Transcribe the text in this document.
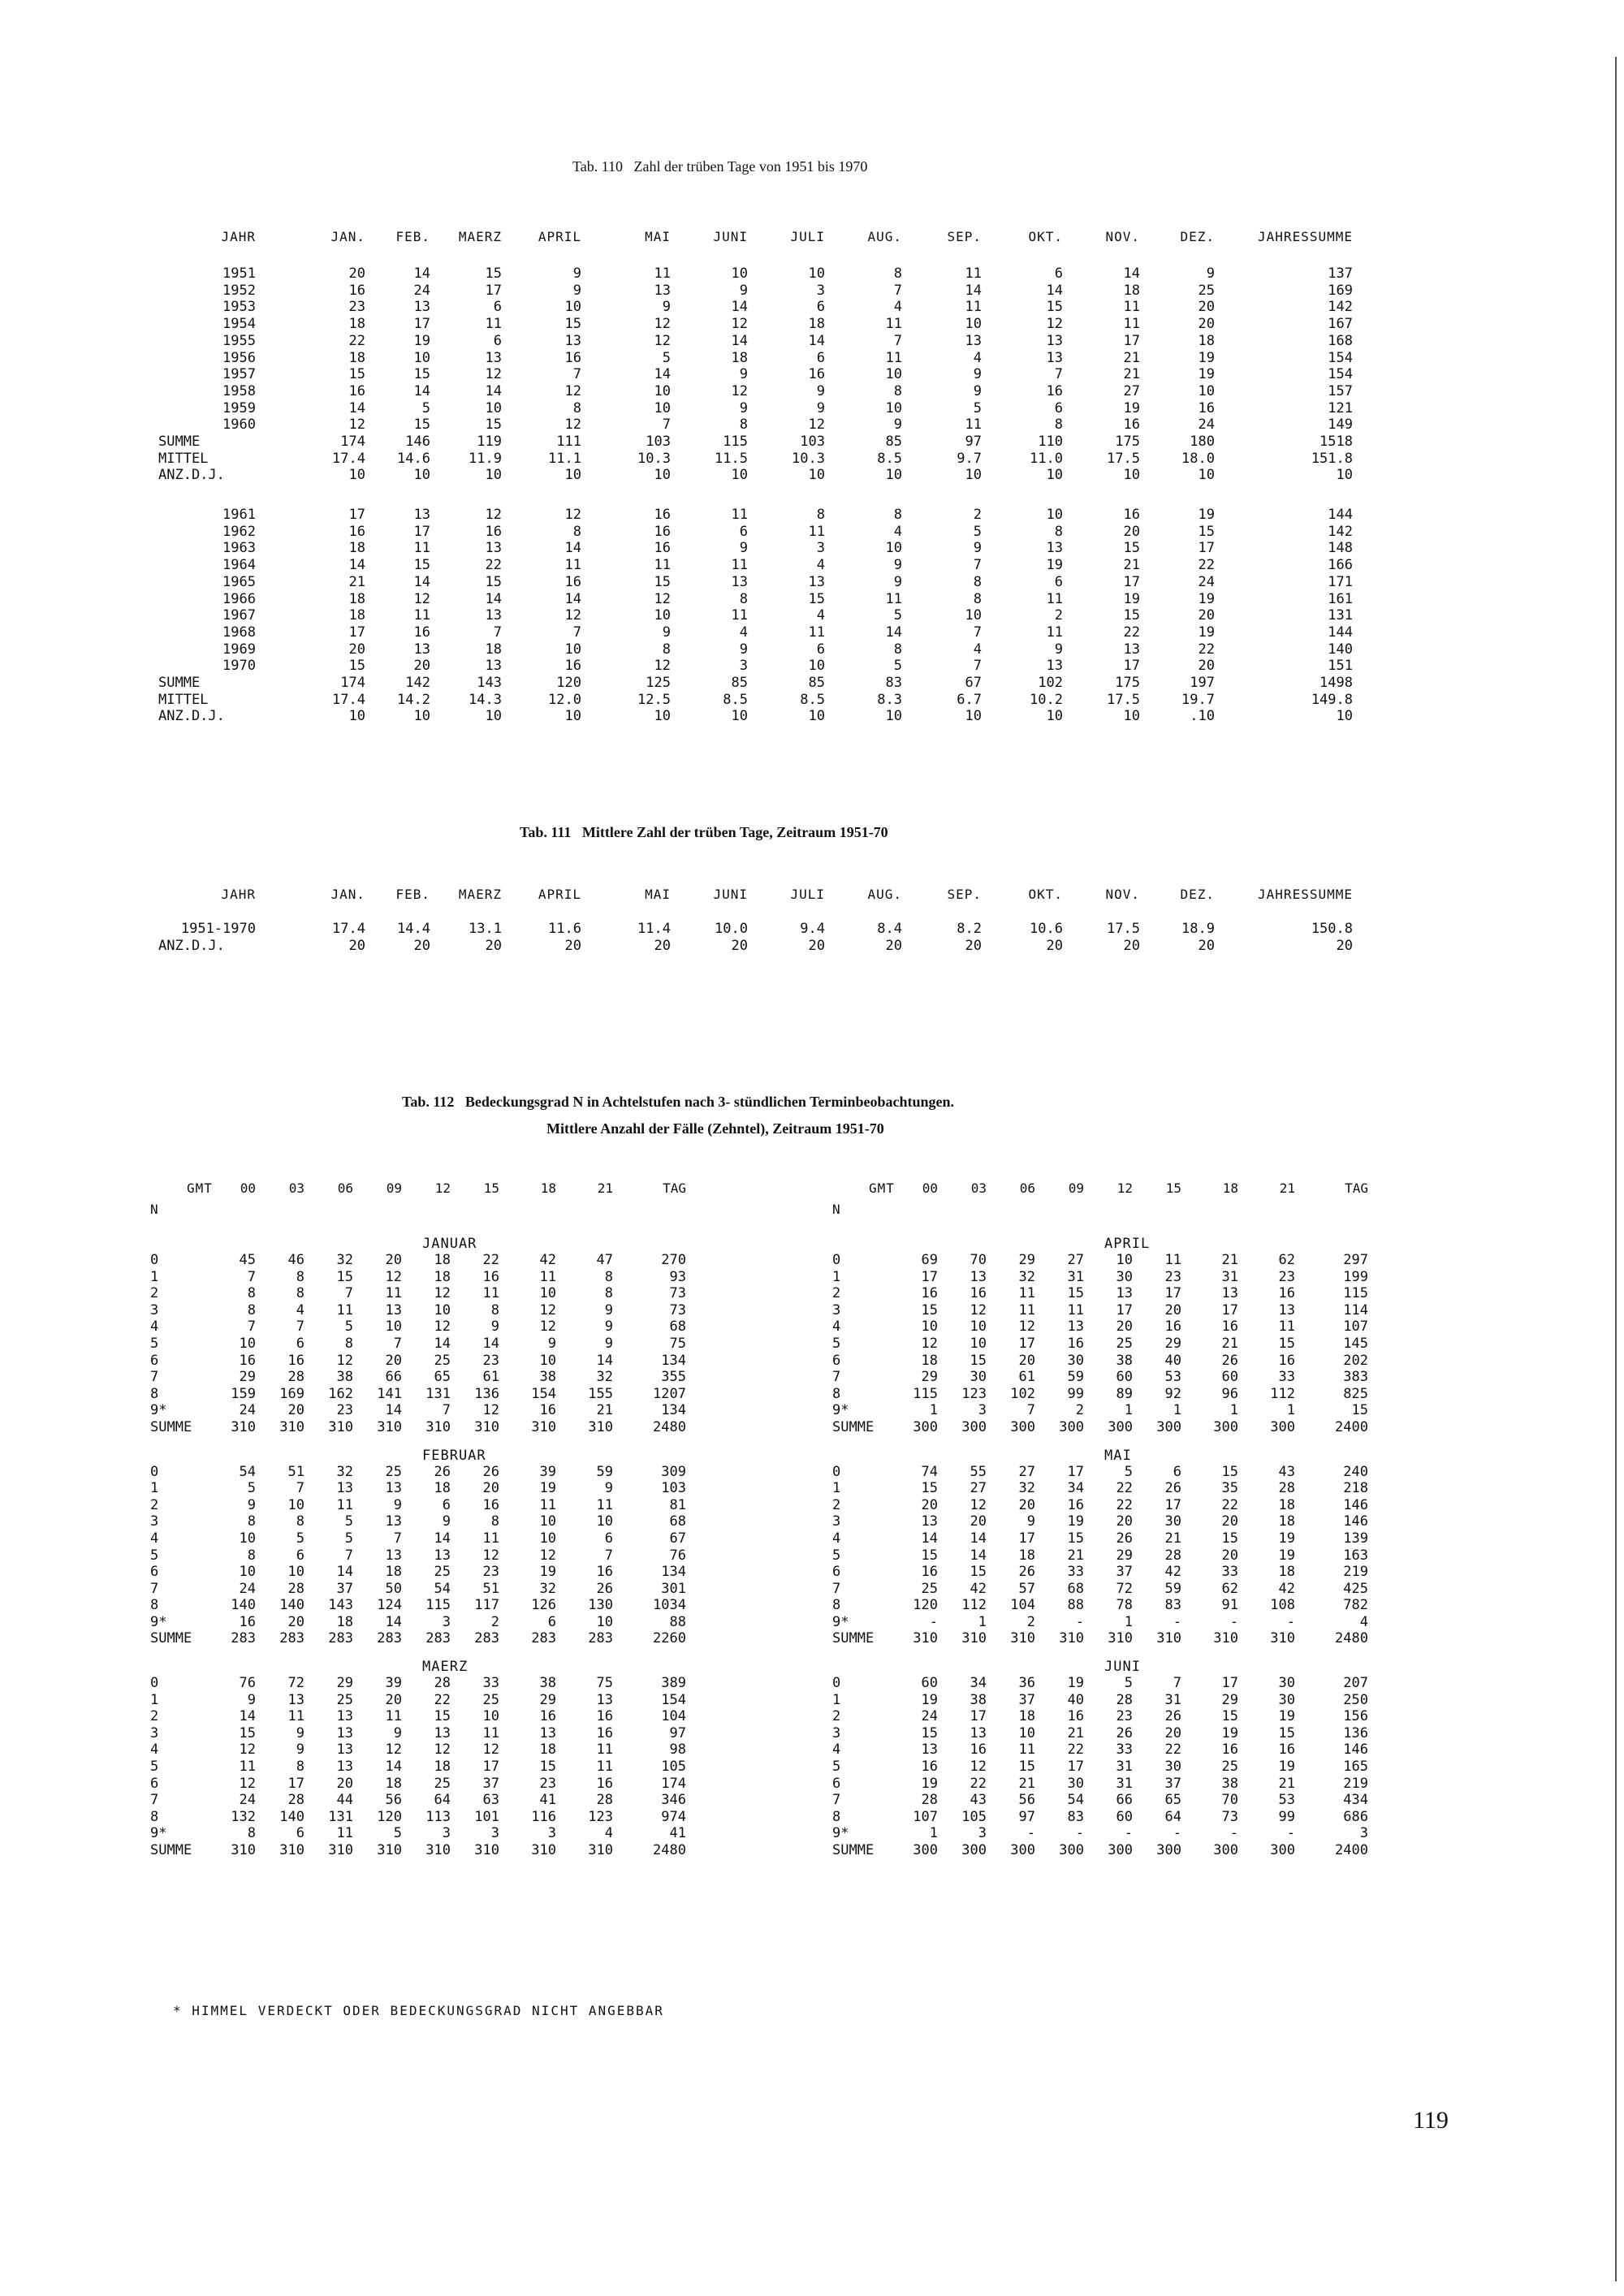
Tab. 110   Zahl der trüben Tage von 1951 bis 1970
JAHR	JAN.	FEB.	MAERZ	APRIL	MAI	JUNI	JULI	AUG.	SEP.	OKT.	NOV.	DEZ.	JAHRESSUMME
1951	20	14	15	9	11	10	10	8	11	6	14	9	137
1952	16	24	17	9	13	9	3	7	14	14	18	25	169
1953	23	13	6	10	9	14	6	4	11	15	11	20	142
1954	18	17	11	15	12	12	18	11	10	12	11	20	167
1955	22	19	6	13	12	14	14	7	13	13	17	18	168
1956	18	10	13	16	5	18	6	11	4	13	21	19	154
1957	15	15	12	7	14	9	16	10	9	7	21	19	154
1958	16	14	14	12	10	12	9	8	9	16	27	10	157
1959	14	5	10	8	10	9	9	10	5	6	19	16	121
1960	12	15	15	12	7	8	12	9	11	8	16	24	149
SUMME	174	146	119	111	103	115	103	85	97	110	175	180	1518
MITTEL	17.4	14.6	11.9	11.1	10.3	11.5	10.3	8.5	9.7	11.0	17.5	18.0	151.8
ANZ.D.J.	10	10	10	10	10	10	10	10	10	10	10	10	10
1961	17	13	12	12	16	11	8	8	2	10	16	19	144
1962	16	17	16	8	16	6	11	4	5	8	20	15	142
1963	18	11	13	14	16	9	3	10	9	13	15	17	148
1964	14	15	22	11	11	11	4	9	7	19	21	22	166
1965	21	14	15	16	15	13	13	9	8	6	17	24	171
1966	18	12	14	14	12	8	15	11	8	11	19	19	161
1967	18	11	13	12	10	11	4	5	10	2	15	20	131
1968	17	16	7	7	9	4	11	14	7	11	22	19	144
1969	20	13	18	10	8	9	6	8	4	9	13	22	140
1970	15	20	13	16	12	3	10	5	7	13	17	20	151
SUMME	174	142	143	120	125	85	85	83	67	102	175	197	1498
MITTEL	17.4	14.2	14.3	12.0	12.5	8.5	8.5	8.3	6.7	10.2	17.5	19.7	149.8
ANZ.D.J.	10	10	10	10	10	10	10	10	10	10	10	.10	10
Tab. 111   Mittlere Zahl der trüben Tage, Zeitraum 1951-70
JAHR	JAN.	FEB.	MAERZ	APRIL	MAI	JUNI	JULI	AUG.	SEP.	OKT.	NOV.	DEZ.	JAHRESSUMME
1951-1970	17.4	14.4	13.1	11.6	11.4	10.0	9.4	8.4	8.2	10.6	17.5	18.9	150.8
ANZ.D.J.	20	20	20	20	20	20	20	20	20	20	20	20	20
Tab. 112   Bedeckungsgrad N in Achtelstufen nach 3- stündlichen Terminbeobachtungen.
Mittlere Anzahl der Fälle (Zehntel), Zeitraum 1951-70
GMT
N
	00	03	06	09	12	15	18	21	TAG
JANUAR
0	45	46	32	20	18	22	42	47	270
1	7	8	15	12	18	16	11	8	93
2	8	8	7	11	12	11	10	8	73
3	8	4	11	13	10	8	12	9	73
4	7	7	5	10	12	9	12	9	68
5	10	6	8	7	14	14	9	9	75
6	16	16	12	20	25	23	10	14	134
7	29	28	38	66	65	61	38	32	355
8	159	169	162	141	131	136	154	155	1207
9*	24	20	23	14	7	12	16	21	134
SUMME	310	310	310	310	310	310	310	310	2480
FEBRUAR
0	54	51	32	25	26	26	39	59	309
1	5	7	13	13	18	20	19	9	103
2	9	10	11	9	6	16	11	11	81
3	8	8	5	13	9	8	10	10	68
4	10	5	5	7	14	11	10	6	67
5	8	6	7	13	13	12	12	7	76
6	10	10	14	18	25	23	19	16	134
7	24	28	37	50	54	51	32	26	301
8	140	140	143	124	115	117	126	130	1034
9*	16	20	18	14	3	2	6	10	88
SUMME	283	283	283	283	283	283	283	283	2260
MAERZ
0	76	72	29	39	28	33	38	75	389
1	9	13	25	20	22	25	29	13	154
2	14	11	13	11	15	10	16	16	104
3	15	9	13	9	13	11	13	16	97
4	12	9	13	12	12	12	18	11	98
5	11	8	13	14	18	17	15	11	105
6	12	17	20	18	25	37	23	16	174
7	24	28	44	56	64	63	41	28	346
8	132	140	131	120	113	101	116	123	974
9*	8	6	11	5	3	3	3	4	41
SUMME	310	310	310	310	310	310	310	310	2480
GMT
N
	00	03	06	09	12	15	18	21	TAG
APRIL
0	69	70	29	27	10	11	21	62	297
1	17	13	32	31	30	23	31	23	199
2	16	16	11	15	13	17	13	16	115
3	15	12	11	11	17	20	17	13	114
4	10	10	12	13	20	16	16	11	107
5	12	10	17	16	25	29	21	15	145
6	18	15	20	30	38	40	26	16	202
7	29	30	61	59	60	53	60	33	383
8	115	123	102	99	89	92	96	112	825
9*	1	3	7	2	1	1	1	1	15
SUMME	300	300	300	300	300	300	300	300	2400
MAI
0	74	55	27	17	5	6	15	43	240
1	15	27	32	34	22	26	35	28	218
2	20	12	20	16	22	17	22	18	146
3	13	20	9	19	20	30	20	18	146
4	14	14	17	15	26	21	15	19	139
5	15	14	18	21	29	28	20	19	163
6	16	15	26	33	37	42	33	18	219
7	25	42	57	68	72	59	62	42	425
8	120	112	104	88	78	83	91	108	782
9*	-	1	2	-	1	-	-	-	4
SUMME	310	310	310	310	310	310	310	310	2480
JUNI
0	60	34	36	19	5	7	17	30	207
1	19	38	37	40	28	31	29	30	250
2	24	17	18	16	23	26	15	19	156
3	15	13	10	21	26	20	19	15	136
4	13	16	11	22	33	22	16	16	146
5	16	12	15	17	31	30	25	19	165
6	19	22	21	30	31	37	38	21	219
7	28	43	56	54	66	65	70	53	434
8	107	105	97	83	60	64	73	99	686
9*	1	3	-	-	-	-	-	-	3
SUMME	300	300	300	300	300	300	300	300	2400
* HIMMEL VERDECKT ODER BEDECKUNGSGRAD NICHT ANGEBBAR
119
